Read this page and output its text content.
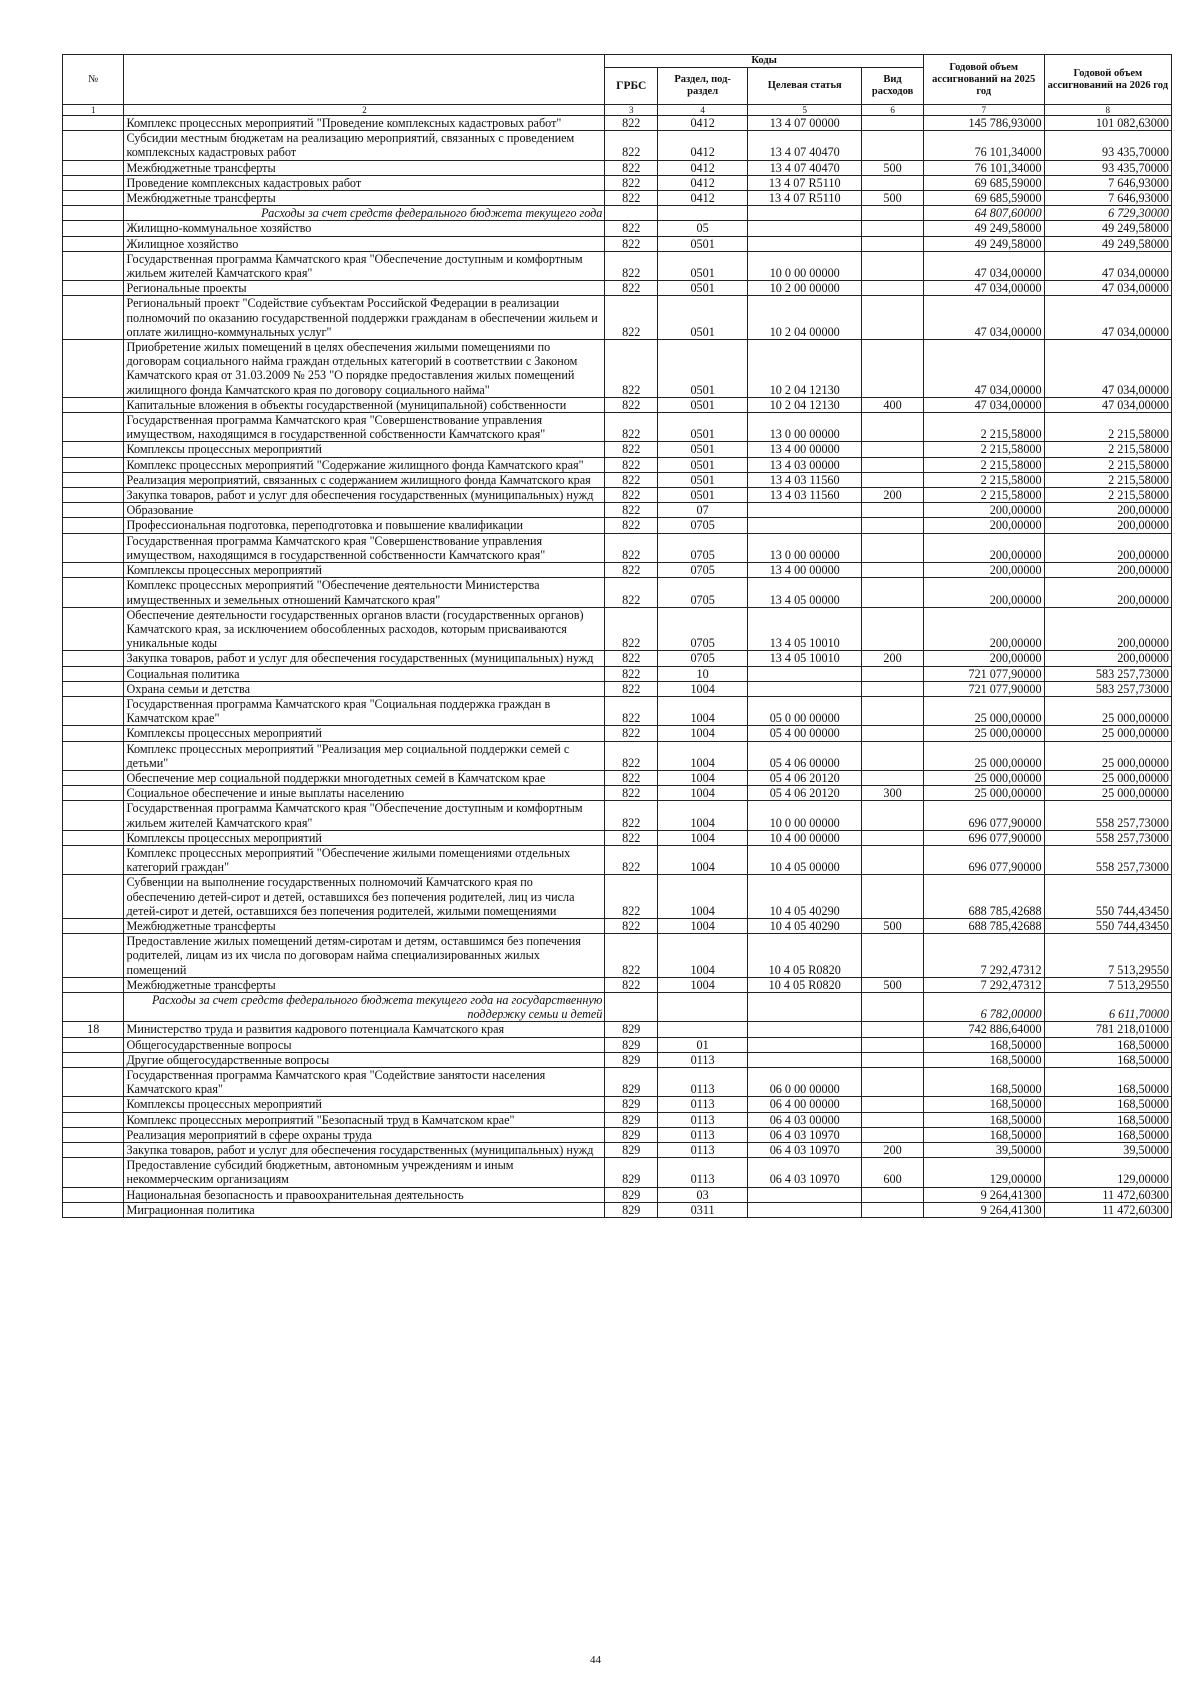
№		Коды				Годовой объем ассигнований на 2025 год	Годовой объем ассигнований на 2026 год
		ГРБС	Раздел, под-раздел	Целевая статья	Вид расходов		
1	2	3	4	5	6	7	8
	Комплекс процессных мероприятий "Проведение комплексных кадастровых работ"	822	0412	13 4 07 00000		145 786,93000	101 082,63000
	Субсидии местным бюджетам на реализацию мероприятий, связанных с проведением комплексных кадастровых работ	822	0412	13 4 07 40470		76 101,34000	93 435,70000
	Межбюджетные трансферты	822	0412	13 4 07 40470	500	76 101,34000	93 435,70000
	Проведение комплексных кадастровых работ	822	0412	13 4 07 R5110		69 685,59000	7 646,93000
	Межбюджетные трансферты	822	0412	13 4 07 R5110	500	69 685,59000	7 646,93000
	Расходы за счет средств федерального бюджета текущего года					64 807,60000	6 729,30000
	Жилищно-коммунальное хозяйство	822	05			49 249,58000	49 249,58000
	Жилищное хозяйство	822	0501			49 249,58000	49 249,58000
	Государственная программа Камчатского края "Обеспечение доступным и комфортным жильем жителей Камчатского края"	822	0501	10 0 00 00000		47 034,00000	47 034,00000
	Региональные проекты	822	0501	10 2 00 00000		47 034,00000	47 034,00000
	Региональный проект "Содействие субъектам Российской Федерации в реализации полномочий по оказанию государственной поддержки гражданам в обеспечении жильем и оплате жилищно-коммунальных услуг"	822	0501	10 2 04 00000		47 034,00000	47 034,00000
	Приобретение жилых помещений в целях обеспечения жилыми помещениями по договорам социального найма граждан отдельных категорий в соответствии с Законом Камчатского края от 31.03.2009 № 253 "О порядке предоставления жилых помещений жилищного фонда Камчатского края по договору социального найма"	822	0501	10 2 04 12130		47 034,00000	47 034,00000
	Капитальные вложения в объекты государственной (муниципальной) собственности	822	0501	10 2 04 12130	400	47 034,00000	47 034,00000
	Государственная программа Камчатского края "Совершенствование управления имуществом, находящимся в государственной собственности Камчатского края"	822	0501	13 0 00 00000		2 215,58000	2 215,58000
	Комплексы процессных мероприятий	822	0501	13 4 00 00000		2 215,58000	2 215,58000
	Комплекс процессных мероприятий "Содержание жилищного фонда Камчатского края"	822	0501	13 4 03 00000		2 215,58000	2 215,58000
	Реализация мероприятий, связанных с содержанием жилищного фонда Камчатского края	822	0501	13 4 03 11560		2 215,58000	2 215,58000
	Закупка товаров, работ и услуг для обеспечения государственных (муниципальных) нужд	822	0501	13 4 03 11560	200	2 215,58000	2 215,58000
	Образование	822	07			200,00000	200,00000
	Профессиональная подготовка, переподготовка и повышение квалификации	822	0705			200,00000	200,00000
	Государственная программа Камчатского края "Совершенствование управления имуществом, находящимся в государственной собственности Камчатского края"	822	0705	13 0 00 00000		200,00000	200,00000
	Комплексы процессных мероприятий	822	0705	13 4 00 00000		200,00000	200,00000
	Комплекс процессных мероприятий "Обеспечение деятельности Министерства имущественных и земельных отношений Камчатского края"	822	0705	13 4 05 00000		200,00000	200,00000
	Обеспечение деятельности государственных органов власти (государственных органов) Камчатского края, за исключением обособленных расходов, которым присваиваются уникальные коды	822	0705	13 4 05 10010		200,00000	200,00000
	Закупка товаров, работ и услуг для обеспечения государственных (муниципальных) нужд	822	0705	13 4 05 10010	200	200,00000	200,00000
	Социальная политика	822	10			721 077,90000	583 257,73000
	Охрана семьи и детства	822	1004			721 077,90000	583 257,73000
	Государственная программа Камчатского края "Социальная поддержка граждан в Камчатском крае"	822	1004	05 0 00 00000		25 000,00000	25 000,00000
	Комплексы процессных мероприятий	822	1004	05 4 00 00000		25 000,00000	25 000,00000
	Комплекс процессных мероприятий "Реализация мер социальной поддержки семей с детьми"	822	1004	05 4 06 00000		25 000,00000	25 000,00000
	Обеспечение мер социальной поддержки многодетных семей в Камчатском крае	822	1004	05 4 06 20120		25 000,00000	25 000,00000
	Социальное обеспечение и иные выплаты населению	822	1004	05 4 06 20120	300	25 000,00000	25 000,00000
	Государственная программа Камчатского края "Обеспечение доступным и комфортным жильем жителей Камчатского края"	822	1004	10 0 00 00000		696 077,90000	558 257,73000
	Комплексы процессных мероприятий	822	1004	10 4 00 00000		696 077,90000	558 257,73000
	Комплекс процессных мероприятий "Обеспечение жилыми помещениями отдельных категорий граждан"	822	1004	10 4 05 00000		696 077,90000	558 257,73000
	Субвенции на выполнение государственных полномочий Камчатского края по обеспечению детей-сирот и детей, оставшихся без попечения родителей, лиц из числа детей-сирот и детей, оставшихся без попечения родителей, жилыми помещениями	822	1004	10 4 05 40290		688 785,42688	550 744,43450
	Межбюджетные трансферты	822	1004	10 4 05 40290	500	688 785,42688	550 744,43450
	Предоставление жилых помещений детям-сиротам и детям, оставшимся без попечения родителей, лицам из их числа по договорам найма специализированных жилых помещений	822	1004	10 4 05 R0820		7 292,47312	7 513,29550
	Межбюджетные трансферты	822	1004	10 4 05 R0820	500	7 292,47312	7 513,29550
	Расходы за счет средств федерального бюджета текущего года на государственную поддержку семьи и детей					6 782,00000	6 611,70000
18	Министерство труда и развития кадрового потенциала Камчатского края	829				742 886,64000	781 218,01000
	Общегосударственные вопросы	829	01			168,50000	168,50000
	Другие общегосударственные вопросы	829	0113			168,50000	168,50000
	Государственная программа Камчатского края "Содействие занятости населения Камчатского края"	829	0113	06 0 00 00000		168,50000	168,50000
	Комплексы процессных мероприятий	829	0113	06 4 00 00000		168,50000	168,50000
	Комплекс процессных мероприятий "Безопасный труд в Камчатском крае"	829	0113	06 4 03 00000		168,50000	168,50000
	Реализация мероприятий в сфере охраны труда	829	0113	06 4 03 10970		168,50000	168,50000
	Закупка товаров, работ и услуг для обеспечения государственных (муниципальных) нужд	829	0113	06 4 03 10970	200	39,50000	39,50000
	Предоставление субсидий бюджетным, автономным учреждениям и иным некоммерческим организациям	829	0113	06 4 03 10970	600	129,00000	129,00000
	Национальная безопасность и правоохранительная деятельность	829	03			9 264,41300	11 472,60300
	Миграционная политика	829	0311			9 264,41300	11 472,60300
44
